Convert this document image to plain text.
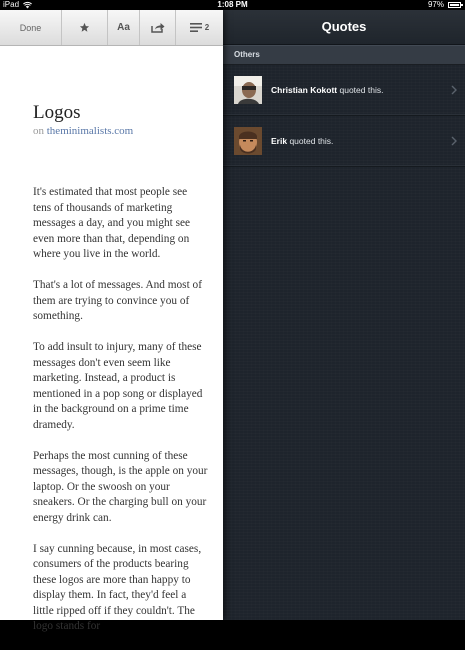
iPad	1:08 PM	97%
Done	Aa	2
Logos
on theminimalists.com

It's estimated that most people see tens of thousands of marketing messages a day, and you might see even more than that, depending on where you live in the world.

That's a lot of messages. And most of them are trying to convince you of something.

To add insult to injury, many of these messages don't even seem like marketing. Instead, a product is mentioned in a pop song or displayed in the background on a prime time dramedy.

Perhaps the most cunning of these messages, though, is the apple on your laptop. Or the swoosh on your sneakers. Or the charging bull on your energy drink can.

I say cunning because, in most cases, consumers of the products bearing these logos are more than happy to display them. In fact, they'd feel a little ripped off if they couldn't. The logo stands for

Quotes
Others
Christian Kokott quoted this.
Erik quoted this.
